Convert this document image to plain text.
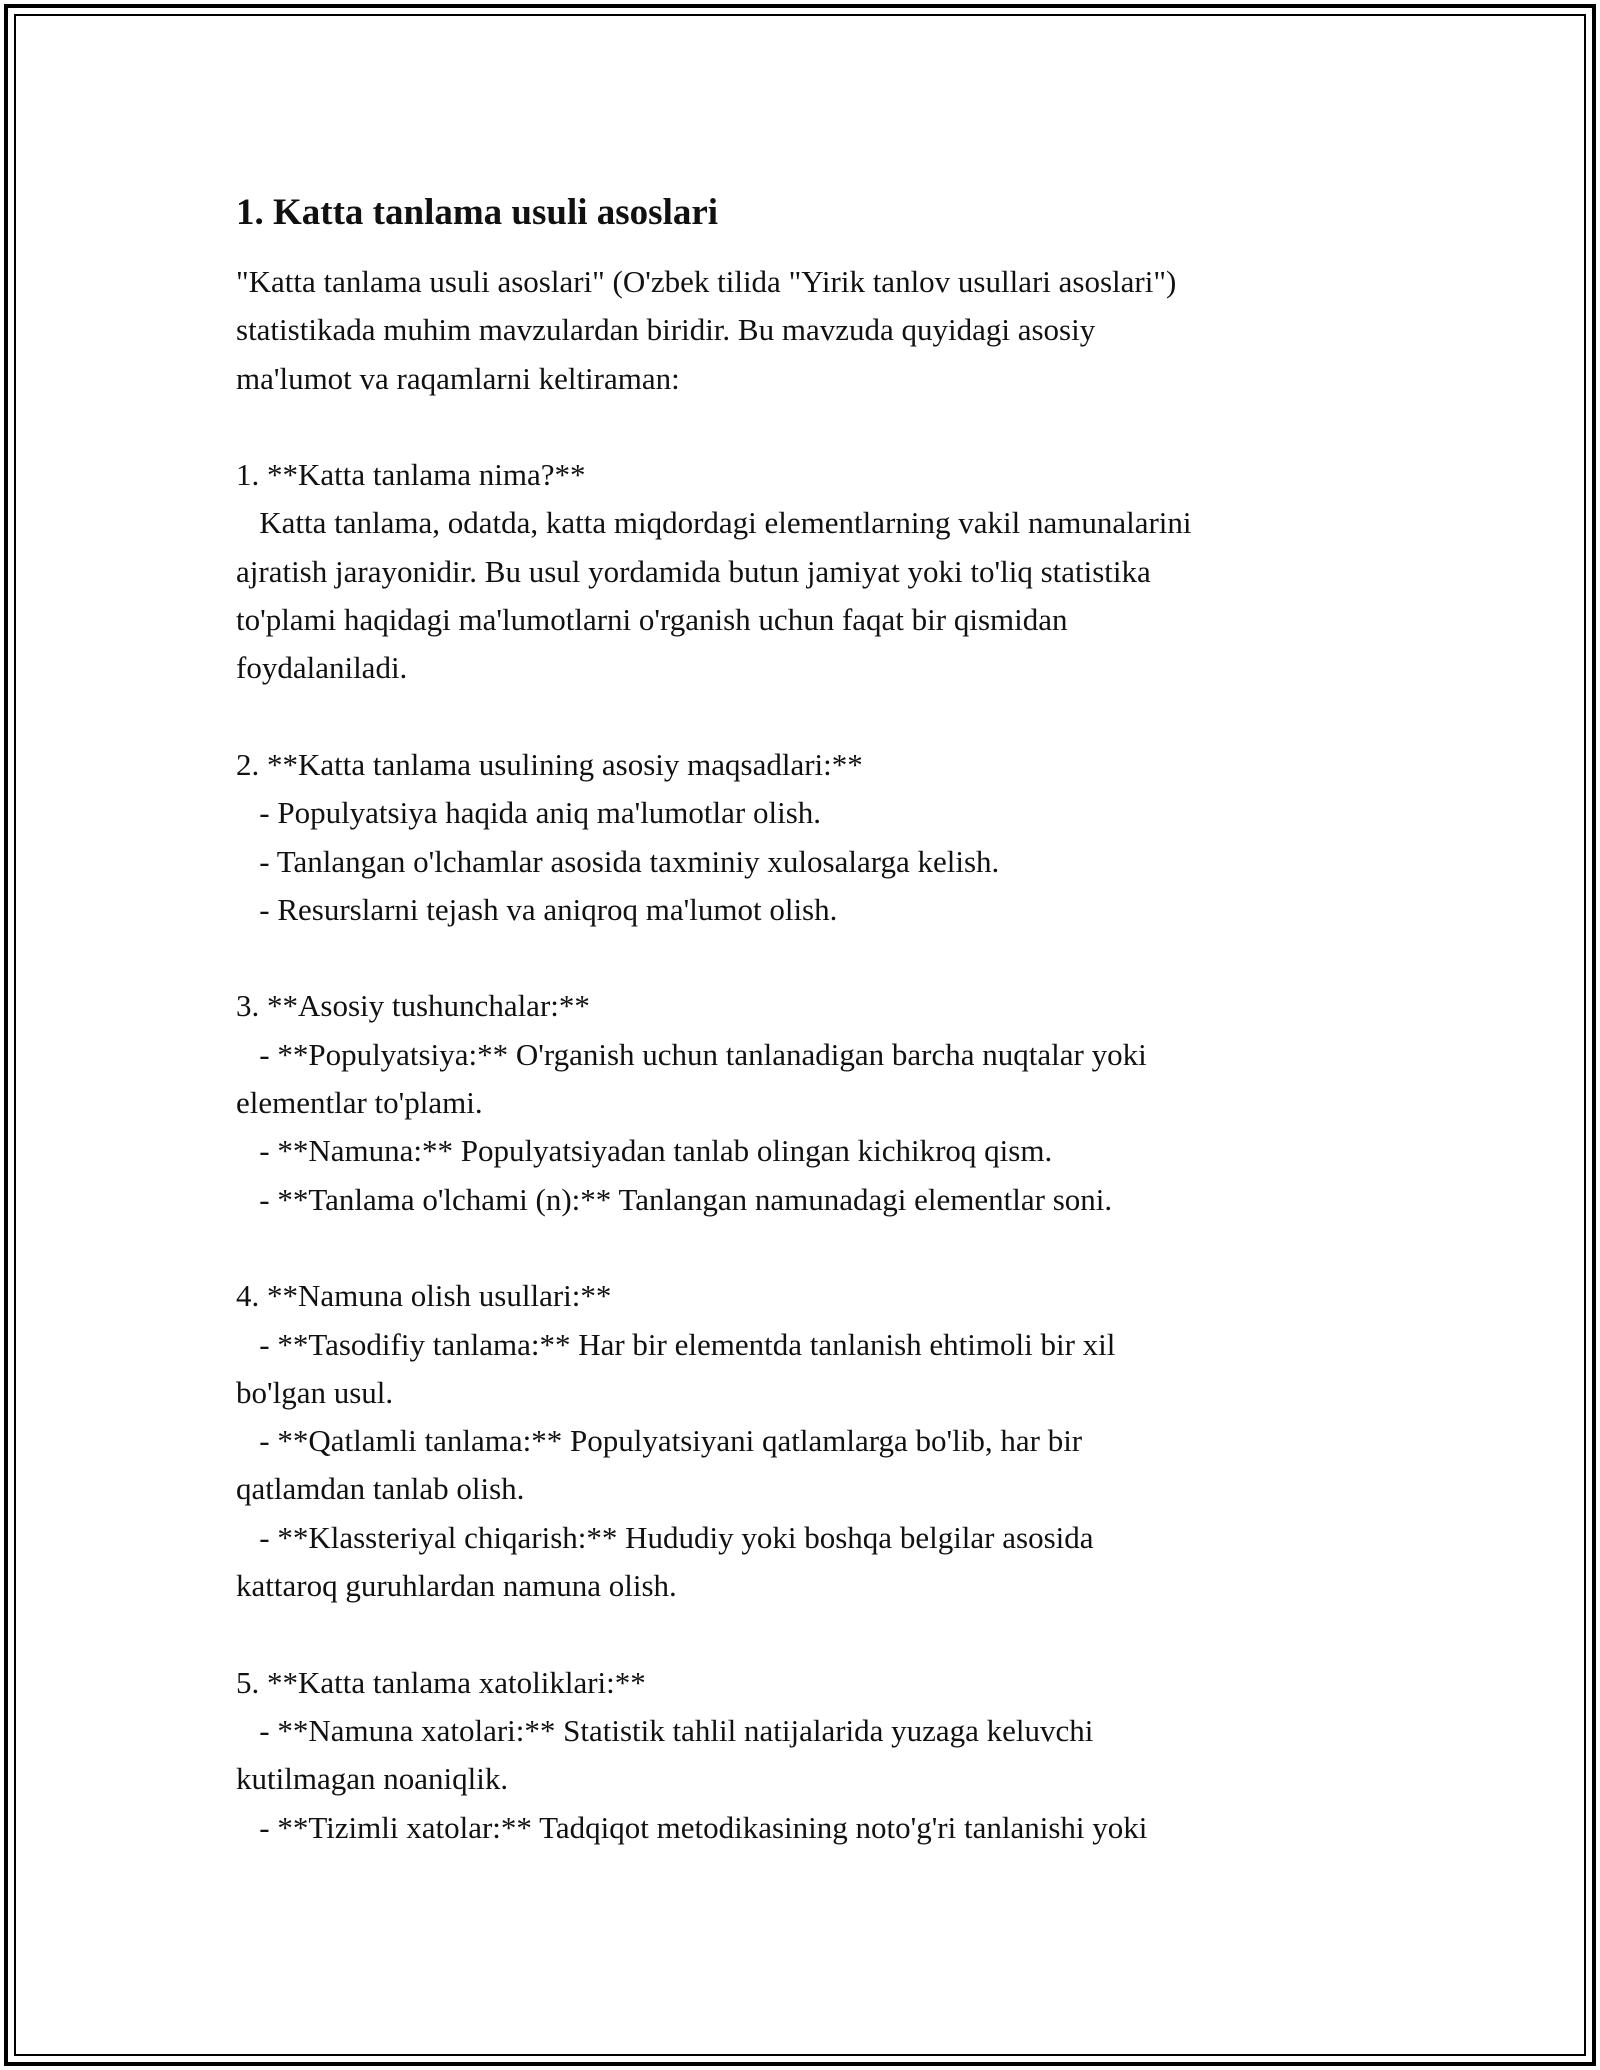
1. Katta tanlama usuli asoslari

"Katta tanlama usuli asoslari" (O'zbek tilida "Yirik tanlov usullari asoslari")

statistikada muhim mavzulardan biridir. Bu mavzuda quyidagi asosiy

ma'lumot va raqamlarni keltiraman:

1. **Katta tanlama nima?**

Katta tanlama, odatda, katta miqdordagi elementlarning vakil namunalarini

ajratish jarayonidir. Bu usul yordamida butun jamiyat yoki to'liq statistika

to'plami haqidagi ma'lumotlarni o'rganish uchun faqat bir qismidan

foydalaniladi.

2. **Katta tanlama usulining asosiy maqsadlari:**

- Populyatsiya haqida aniq ma'lumotlar olish.

- Tanlangan o'lchamlar asosida taxminiy xulosalarga kelish.

- Resurslarni tejash va aniqroq ma'lumot olish.

3. **Asosiy tushunchalar:**

- **Populyatsiya:** O'rganish uchun tanlanadigan barcha nuqtalar yoki

elementlar to'plami.

- **Namuna:** Populyatsiyadan tanlab olingan kichikroq qism.

- **Tanlama o'lchami (n):** Tanlangan namunadagi elementlar soni.

4. **Namuna olish usullari:**

- **Tasodifiy tanlama:** Har bir elementda tanlanish ehtimoli bir xil

bo'lgan usul.

- **Qatlamli tanlama:** Populyatsiyani qatlamlarga bo'lib, har bir

qatlamdan tanlab olish.

- **Klassteriyal chiqarish:** Hududiy yoki boshqa belgilar asosida

kattaroq guruhlardan namuna olish.

5. **Katta tanlama xatoliklari:**

- **Namuna xatolari:** Statistik tahlil natijalarida yuzaga keluvchi

kutilmagan noaniqlik.

- **Tizimli xatolar:** Tadqiqot metodikasining noto'g'ri tanlanishi yoki
